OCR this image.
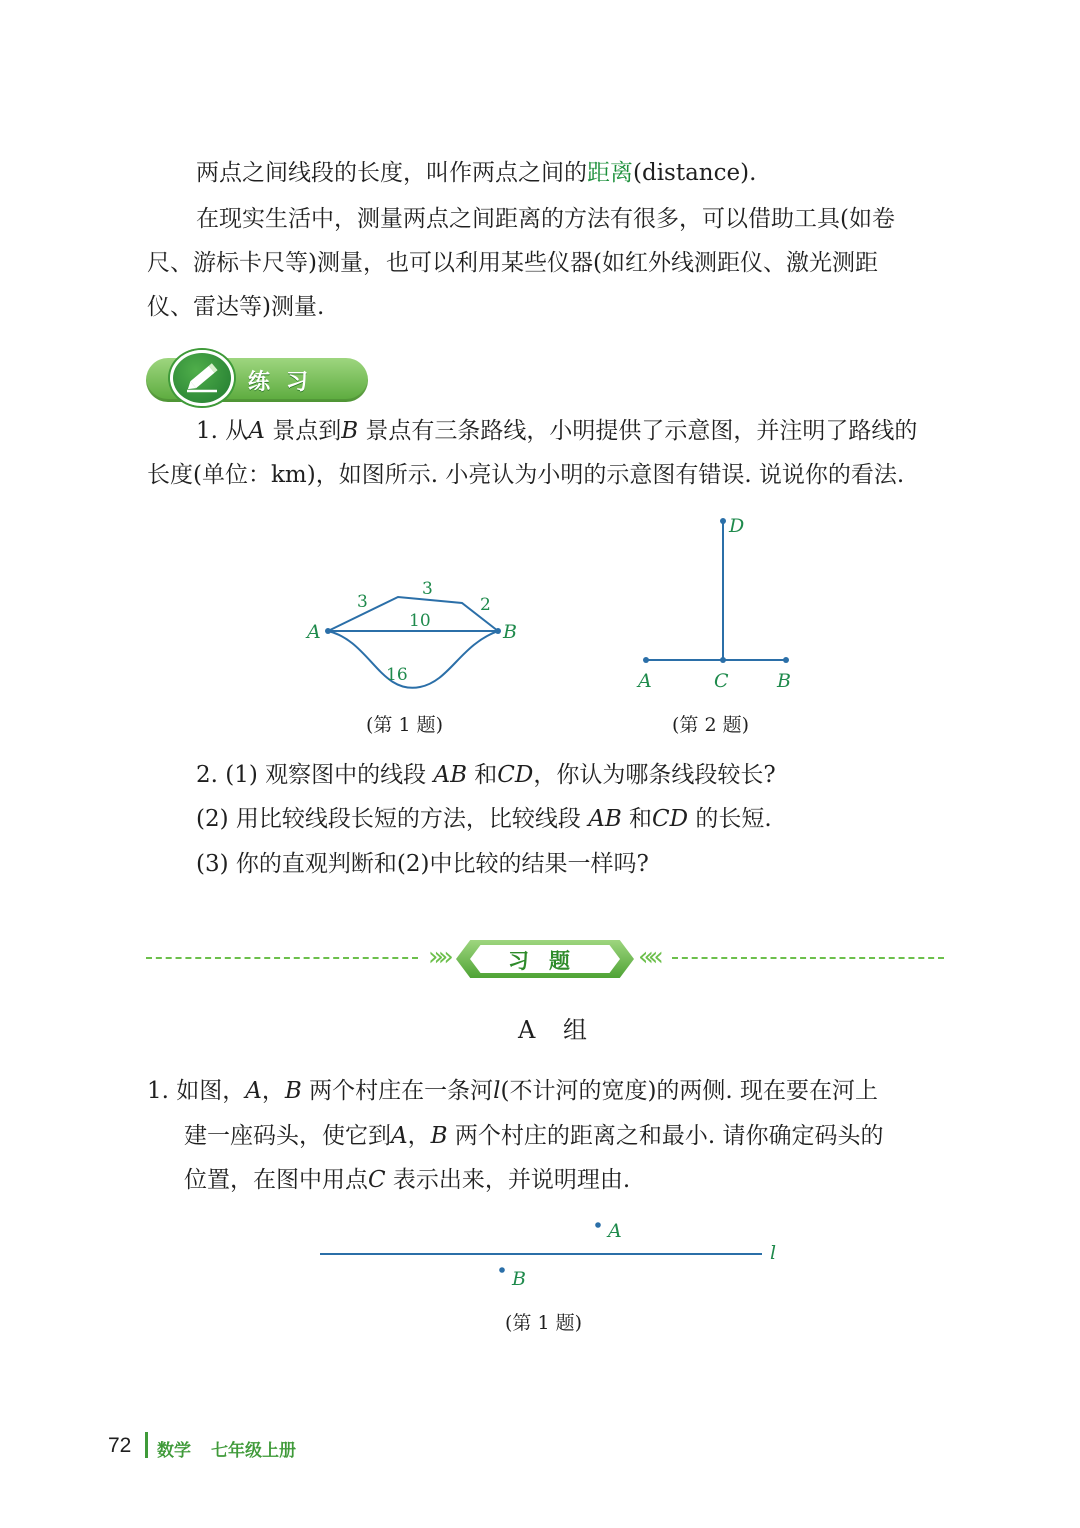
两点之间线段的长度，叫作两点之间的距离(distance).
在现实生活中，测量两点之间距离的方法有很多，可以借助工具(如卷
尺、游标卡尺等)测量，也可以利用某些仪器(如红外线测距仪、激光测距
仪、雷达等)测量.
练习
1. 从A 景点到B 景点有三条路线，小明提供了示意图，并注明了路线的
长度(单位：km)，如图所示. 小亮认为小明的示意图有错误. 说说你的看法.
A	B
3
3
2
10
16
(第 1 题)
D
A	C	B
(第 2 题)
2. (1) 观察图中的线段 AB 和CD，你认为哪条线段较长?
(2) 用比较线段长短的方法，比较线段 AB 和CD 的长短.
(3) 你的直观判断和(2)中比较的结果一样吗?
»»	习题 ««
A 组
1. 如图，A，B 两个村庄在一条河l(不计河的宽度)的两侧. 现在要在河上
建一座码头，使它到A，B 两个村庄的距离之和最小. 请你确定码头的
位置，在图中用点C 表示出来，并说明理由.
A
B
l
(第 1 题)
72 数学 七年级上册
